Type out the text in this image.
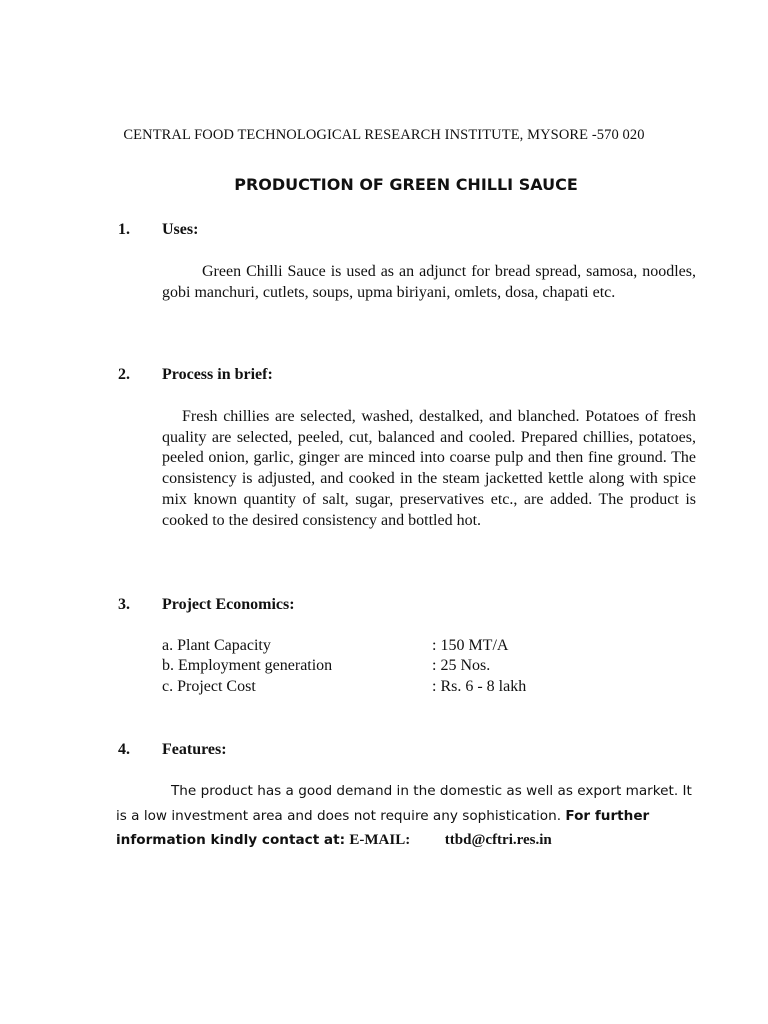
CENTRAL FOOD TECHNOLOGICAL RESEARCH INSTITUTE, MYSORE -570 020
PRODUCTION OF GREEN CHILLI SAUCE
1. Uses:
Green Chilli Sauce is used as an adjunct for bread spread, samosa, noodles, gobi manchuri, cutlets, soups, upma biriyani, omlets, dosa, chapati etc.
2. Process in brief:
Fresh chillies are selected, washed, destalked, and blanched. Potatoes of fresh quality are selected, peeled, cut, balanced and cooled. Prepared chillies, potatoes, peeled onion, garlic, ginger are minced into coarse pulp and then fine ground. The consistency is adjusted, and cooked in the steam jacketted kettle along with spice mix known quantity of salt, sugar, preservatives etc., are added. The product is cooked to the desired consistency and bottled hot.
3. Project Economics:
a. Plant Capacity	: 150 MT/A
b. Employment generation	: 25 Nos.
c. Project Cost	: Rs. 6 - 8 lakh
4. Features:
The product has a good demand in the domestic as well as export market. It is a low investment area and does not require any sophistication. For further information kindly contact at: E-MAIL: ttbd@cftri.res.in
